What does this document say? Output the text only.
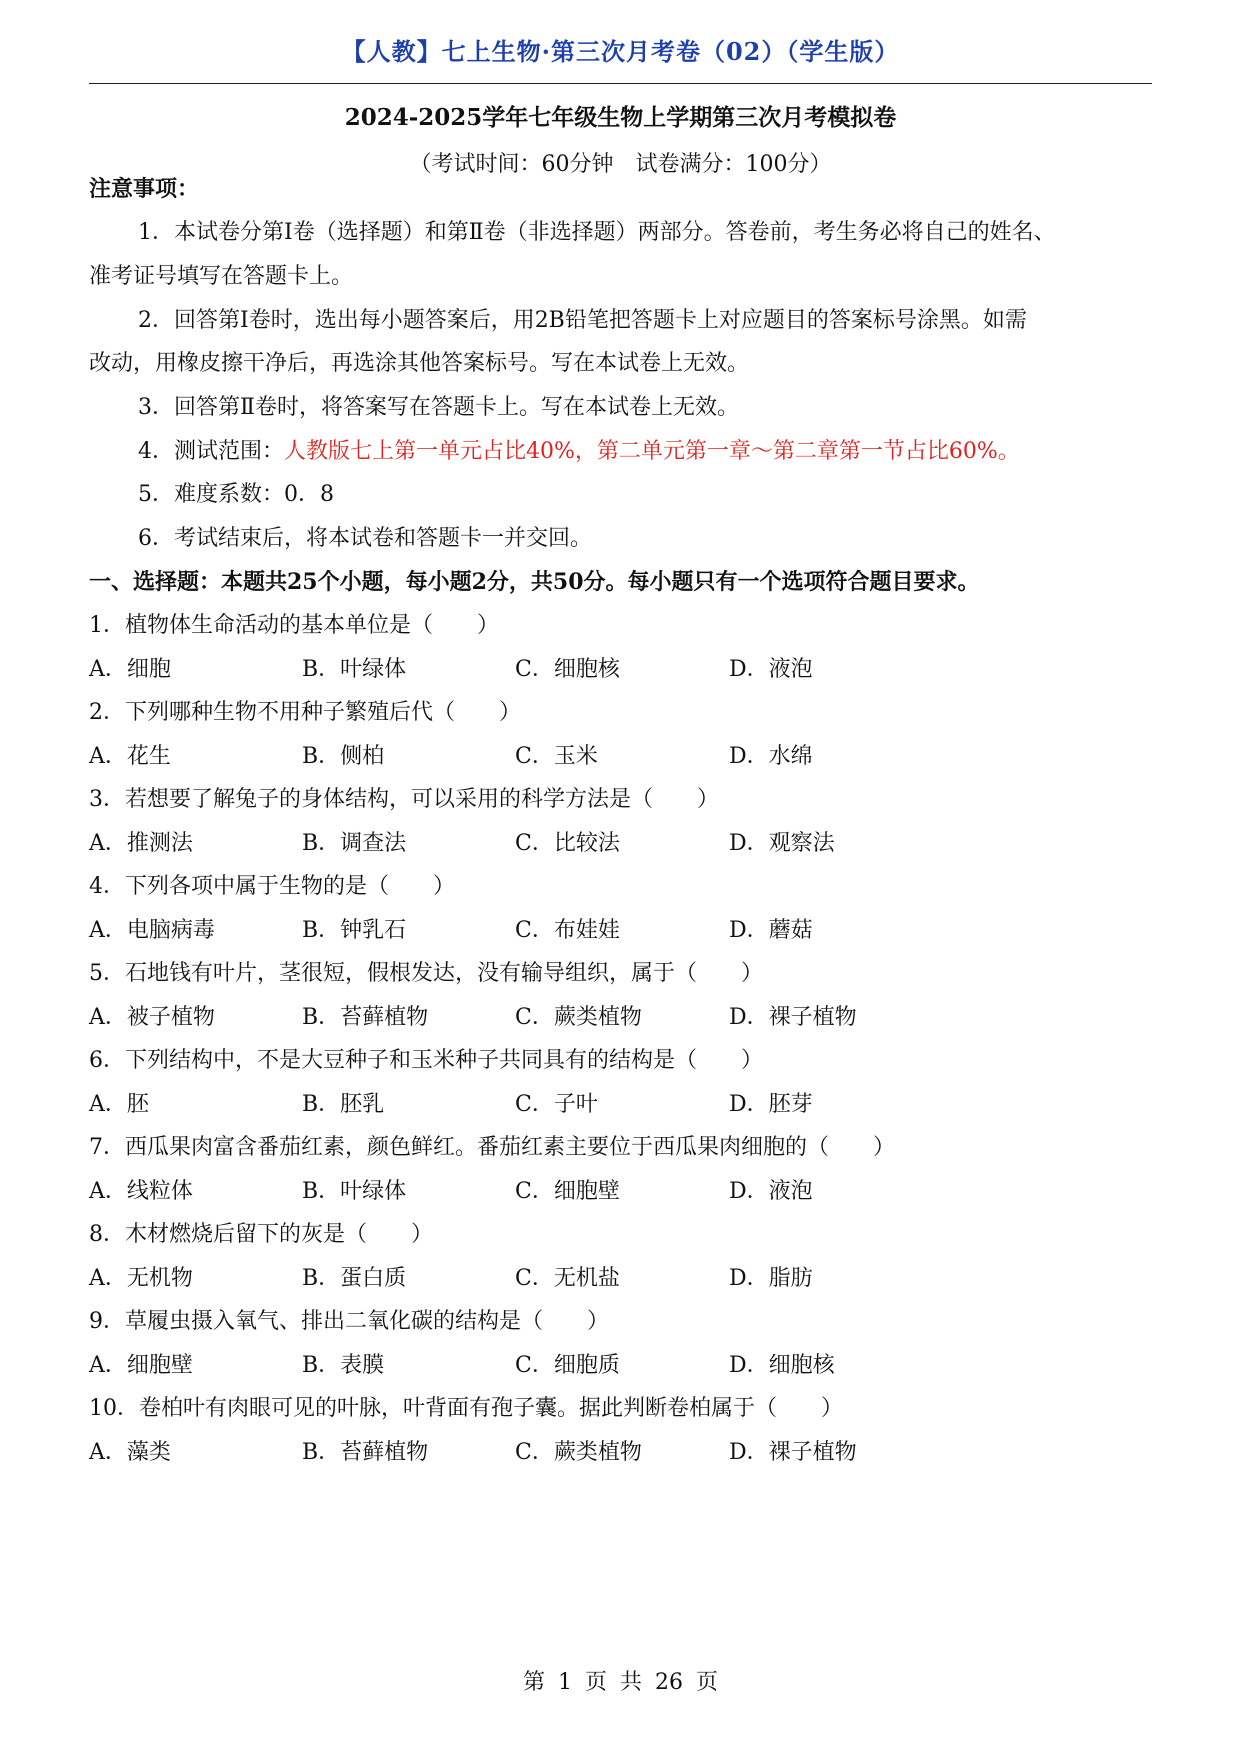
【人教】七上生物·第三次月考卷（02）（学生版）
2024-2025学年七年级生物上学期第三次月考模拟卷
（考试时间：60分钟　试卷满分：100分）
注意事项：
1．本试卷分第Ⅰ卷（选择题）和第Ⅱ卷（非选择题）两部分。答卷前，考生务必将自己的姓名、
准考证号填写在答题卡上。
2．回答第Ⅰ卷时，选出每小题答案后，用2B铅笔把答题卡上对应题目的答案标号涂黑。如需
改动，用橡皮擦干净后，再选涂其他答案标号。写在本试卷上无效。
3．回答第Ⅱ卷时，将答案写在答题卡上。写在本试卷上无效。
4．测试范围：人教版七上第一单元占比40%，第二单元第一章～第二章第一节占比60%。
5．难度系数：0．8
6．考试结束后，将本试卷和答题卡一并交回。
一、选择题：本题共25个小题，每小题2分，共50分。每小题只有一个选项符合题目要求。
1．植物体生命活动的基本单位是（　　）
A．细胞	B．叶绿体	C．细胞核	D．液泡
2．下列哪种生物不用种子繁殖后代（　　）
A．花生	B．侧柏	C．玉米	D．水绵
3．若想要了解兔子的身体结构，可以采用的科学方法是（　　）
A．推测法	B．调查法	C．比较法	D．观察法
4．下列各项中属于生物的是（　　）
A．电脑病毒	B．钟乳石	C．布娃娃	D．蘑菇
5．石地钱有叶片，茎很短，假根发达，没有输导组织，属于（　　）
A．被子植物	B．苔藓植物	C．蕨类植物	D．裸子植物
6．下列结构中，不是大豆种子和玉米种子共同具有的结构是（　　）
A．胚	B．胚乳	C．子叶	D．胚芽
7．西瓜果肉富含番茄红素，颜色鲜红。番茄红素主要位于西瓜果肉细胞的（　　）
A．线粒体	B．叶绿体	C．细胞壁	D．液泡
8．木材燃烧后留下的灰是（　　）
A．无机物	B．蛋白质	C．无机盐	D．脂肪
9．草履虫摄入氧气、排出二氧化碳的结构是（　　）
A．细胞壁	B．表膜	C．细胞质	D．细胞核
10．卷柏叶有肉眼可见的叶脉，叶背面有孢子囊。据此判断卷柏属于（　　）
A．藻类	B．苔藓植物	C．蕨类植物	D．裸子植物
第 1 页 共 26 页
